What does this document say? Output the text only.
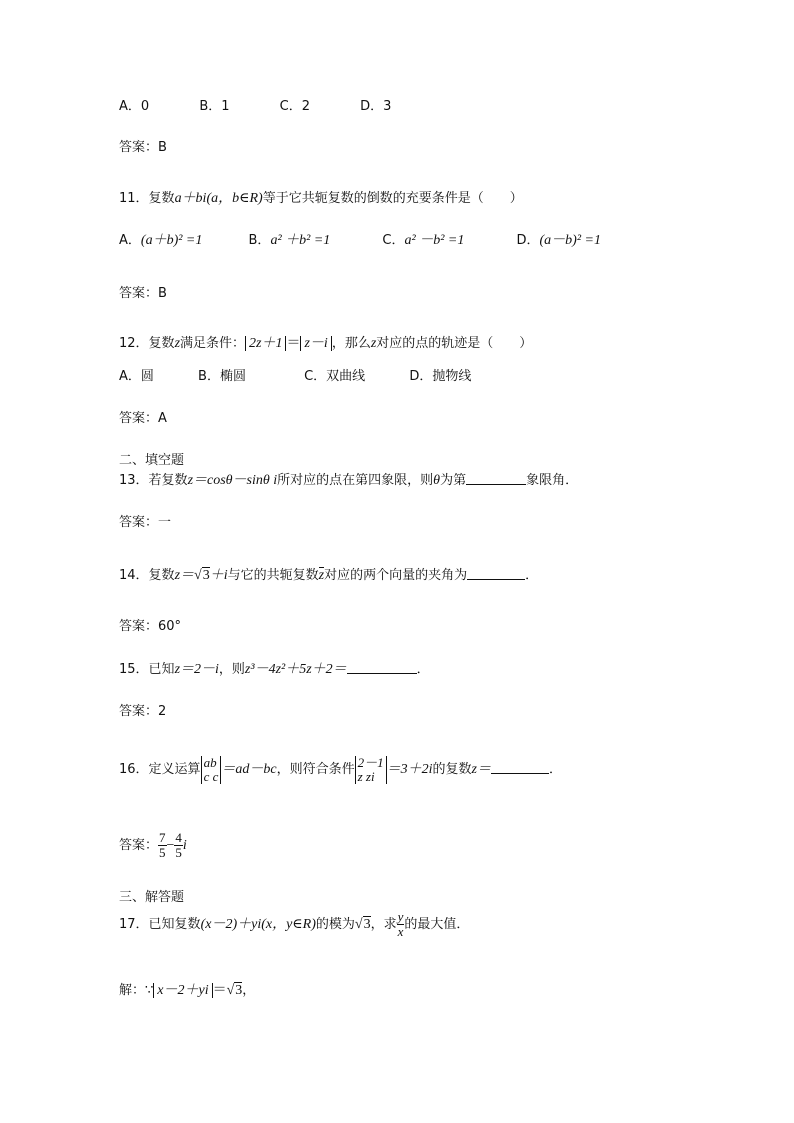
A．0	B．1	C．2	D．3
答案：B
11．复数a＋bi(a，b∈R)等于它共轭复数的倒数的充要条件是（　　）
A．(a＋b)² =1	B．a² ＋b² =1	C．a² －b² =1	D．(a－b)² =1
答案：B
12．复数z满足条件： 2z＋1 ＝ z－i ，那么z对应的点的轨迹是（　　）
A．圆	B．椭圆	C．双曲线	D．抛物线
答案：A
二、填空题
13．若复数z＝cosθ－sinθ i所对应的点在第四象限，则θ为第	象限角．
答案：一
14．复数z＝√3＋i与它的共轭复数z对应的两个向量的夹角为	．
答案：60°
15．已知z＝2－i，则z³－4z²＋5z＋2＝	．
答案：2
16．定义运算 ab
c c ＝ad－bc，则符合条件 2－1
z zi ＝3＋2i的复数z＝	．
答案： $\frac{7}{5} - \frac{4}{5}$ i
三、解答题
17．已知复数(x－2)＋yi(x，y∈R)的模为√3，求 $\frac{y}{x}$ 的最大值．
解：∵ x－2＋yi ＝√3，
